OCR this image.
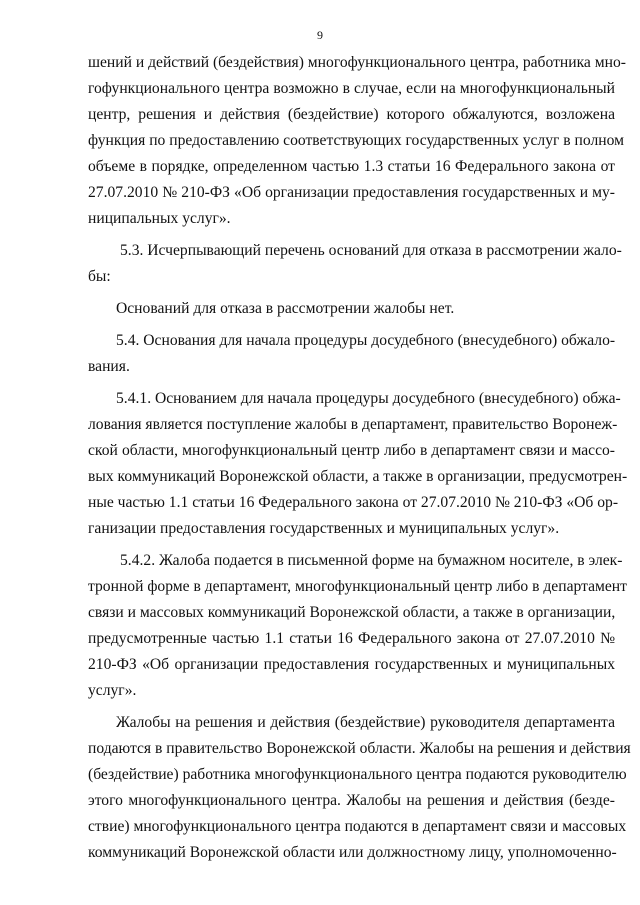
9
шений и действий (бездействия) многофункционального центра, работника мно-
гофункционального центра возможно в случае, если на многофункциональный
центр, решения и действия (бездействие) которого обжалуются, возложена
функция по предоставлению соответствующих государственных услуг в полном
объеме в порядке, определенном частью 1.3 статьи 16 Федерального закона от
27.07.2010 № 210-ФЗ «Об организации предоставления государственных и му-
ниципальных услуг».
5.3. Исчерпывающий перечень оснований для отказа в рассмотрении жало-
бы:
Оснований для отказа в рассмотрении жалобы нет.
5.4. Основания для начала процедуры досудебного (внесудебного) обжало-
вания.
5.4.1. Основанием для начала процедуры досудебного (внесудебного) обжа-
лования является поступление жалобы в департамент, правительство Воронеж-
ской области, многофункциональный центр либо в департамент связи и массо-
вых коммуникаций Воронежской области, а также в организации, предусмотрен-
ные частью 1.1 статьи 16 Федерального закона от 27.07.2010 № 210-ФЗ «Об ор-
ганизации предоставления государственных и муниципальных услуг».
5.4.2. Жалоба подается в письменной форме на бумажном носителе, в элек-
тронной форме в департамент, многофункциональный центр либо в департамент
связи и массовых коммуникаций Воронежской области, а также в организации,
предусмотренные частью 1.1 статьи 16 Федерального закона от 27.07.2010 №
210-ФЗ «Об организации предоставления государственных и муниципальных
услуг».
Жалобы на решения и действия (бездействие) руководителя департамента
подаются в правительство Воронежской области. Жалобы на решения и действия
(бездействие) работника многофункционального центра подаются руководителю
этого многофункционального центра. Жалобы на решения и действия (безде-
ствие) многофункционального центра подаются в департамент связи и массовых
коммуникаций Воронежской области или должностному лицу, уполномоченно-
